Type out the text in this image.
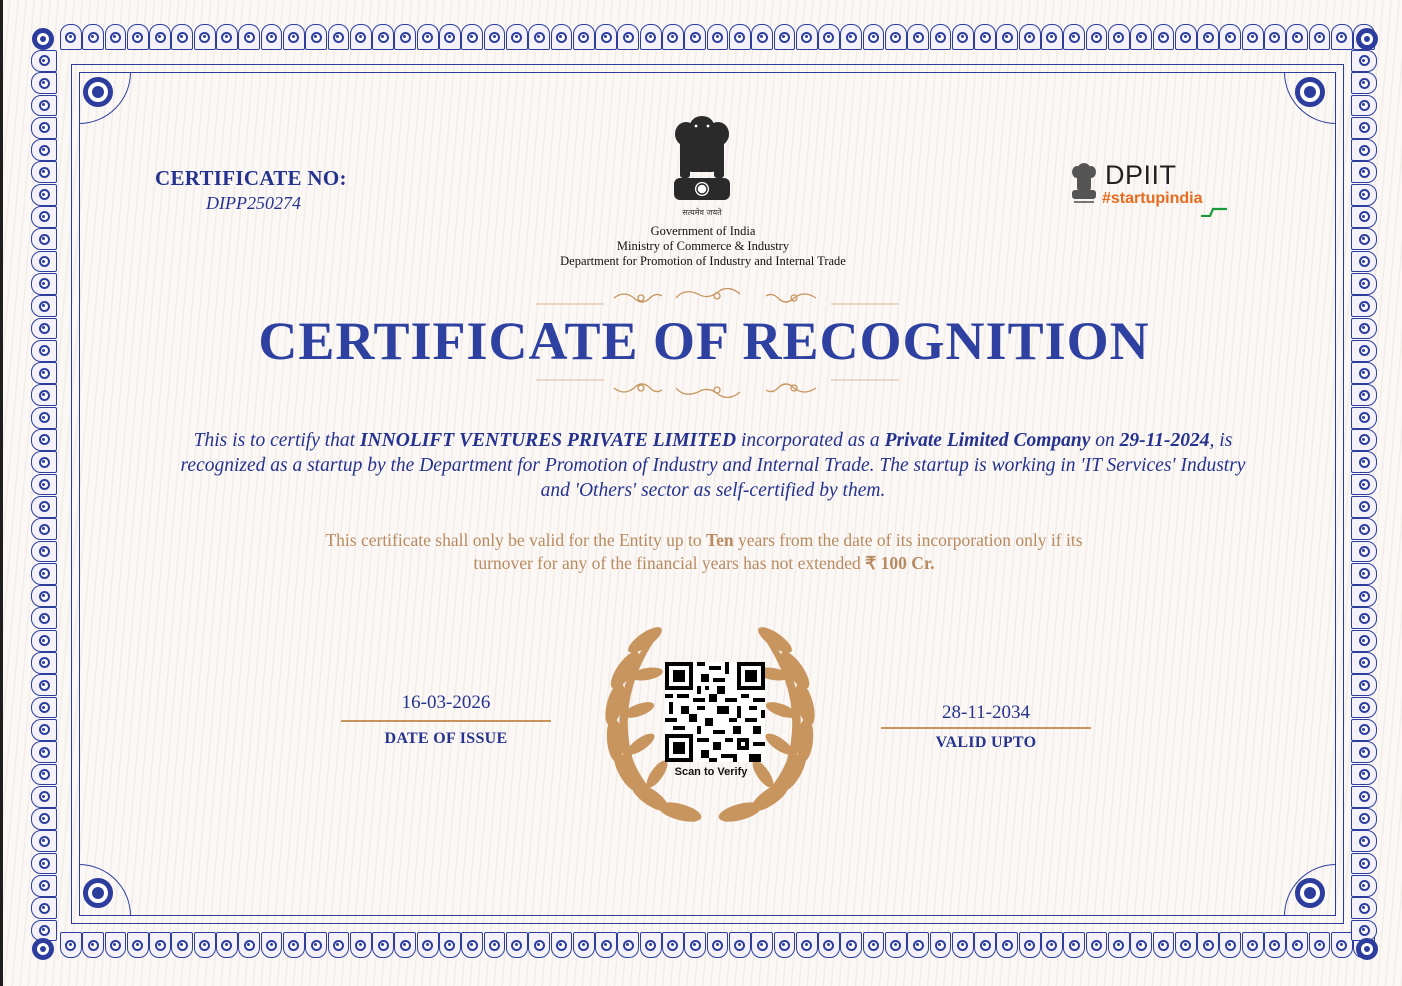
CERTIFICATE NO:
DIPP250274	सत्यमेव जयते
Government of India
Ministry of Commerce & Industry
Department for Promotion of Industry and Internal Trade
DPIIT
#startupindia
CERTIFICATE OF RECOGNITION
This is to certify that INNOLIFT VENTURES PRIVATE LIMITED incorporated as a Private Limited Company on 29-11-2024, is recognized as a startup by the Department for Promotion of Industry and Internal Trade. The startup is working in 'IT Services' Industry and 'Others' sector as self-certified by them.
This certificate shall only be valid for the Entity up to Ten years from the date of its incorporation only if its turnover for any of the financial years has not extended ₹ 100 Cr.
16-03-2026
DATE OF ISSUE
28-11-2034
VALID UPTO
Scan to Verify
